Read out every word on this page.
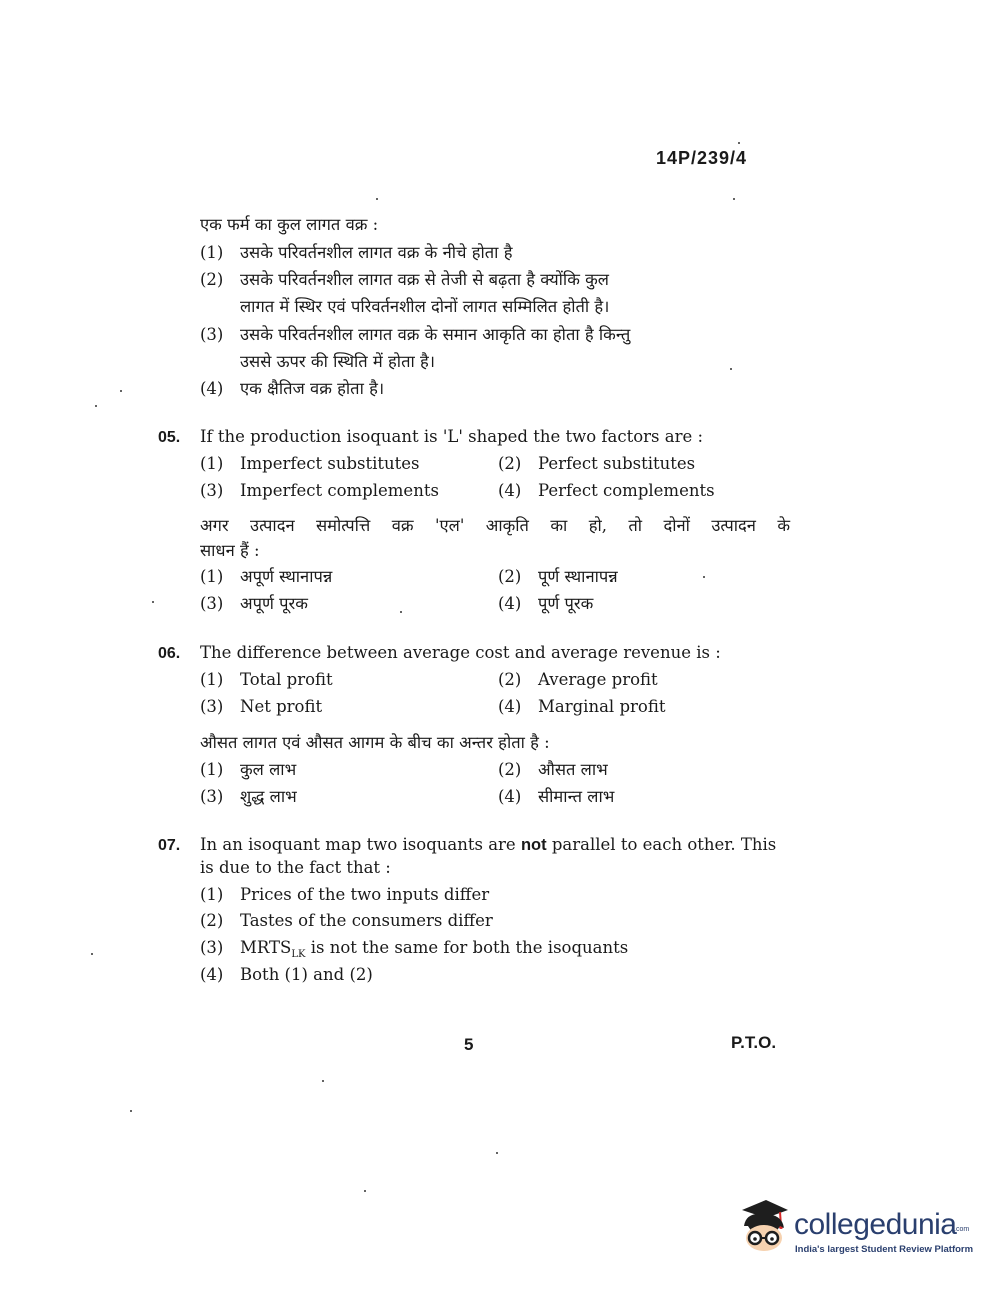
14P/239/4
एक फर्म का कुल लागत वक्र :
(1) उसके परिवर्तनशील लागत वक्र के नीचे होता है
(2) उसके परिवर्तनशील लागत वक्र से तेजी से बढ़ता है क्योंकि कुल
लागत में स्थिर एवं परिवर्तनशील दोनों लागत सम्मिलित होती है।
(3) उसके परिवर्तनशील लागत वक्र के समान आकृति का होता है किन्तु
उससे ऊपर की स्थिति में होता है।
(4) एक क्षैतिज वक्र होता है।
05. If the production isoquant is 'L' shaped the two factors are :
(1) Imperfect substitutes	(2) Perfect substitutes
(3) Imperfect complements	(4) Perfect complements
अगर उत्पादन समोत्पत्ति वक्र 'एल' आकृति का हो, तो दोनों उत्पादन के
साधन हैं :
(1) अपूर्ण स्थानापन्न	(2) पूर्ण स्थानापन्न
(3) अपूर्ण पूरक	(4) पूर्ण पूरक
06. The difference between average cost and average revenue is :
(1) Total profit	(2) Average profit
(3) Net profit	(4) Marginal profit
औसत लागत एवं औसत आगम के बीच का अन्तर होता है :
(1) कुल लाभ	(2) औसत लाभ
(3) शुद्ध लाभ	(4) सीमान्त लाभ
07. In an isoquant map two isoquants are not parallel to each other. This
is due to the fact that :
(1) Prices of the two inputs differ
(2) Tastes of the consumers differ
(3) $MRTS_{LK}$ is not the same for both the isoquants
(4) Both (1) and (2)
5	P.T.O.
collegedunia
.com
India's largest Student Review Platform
